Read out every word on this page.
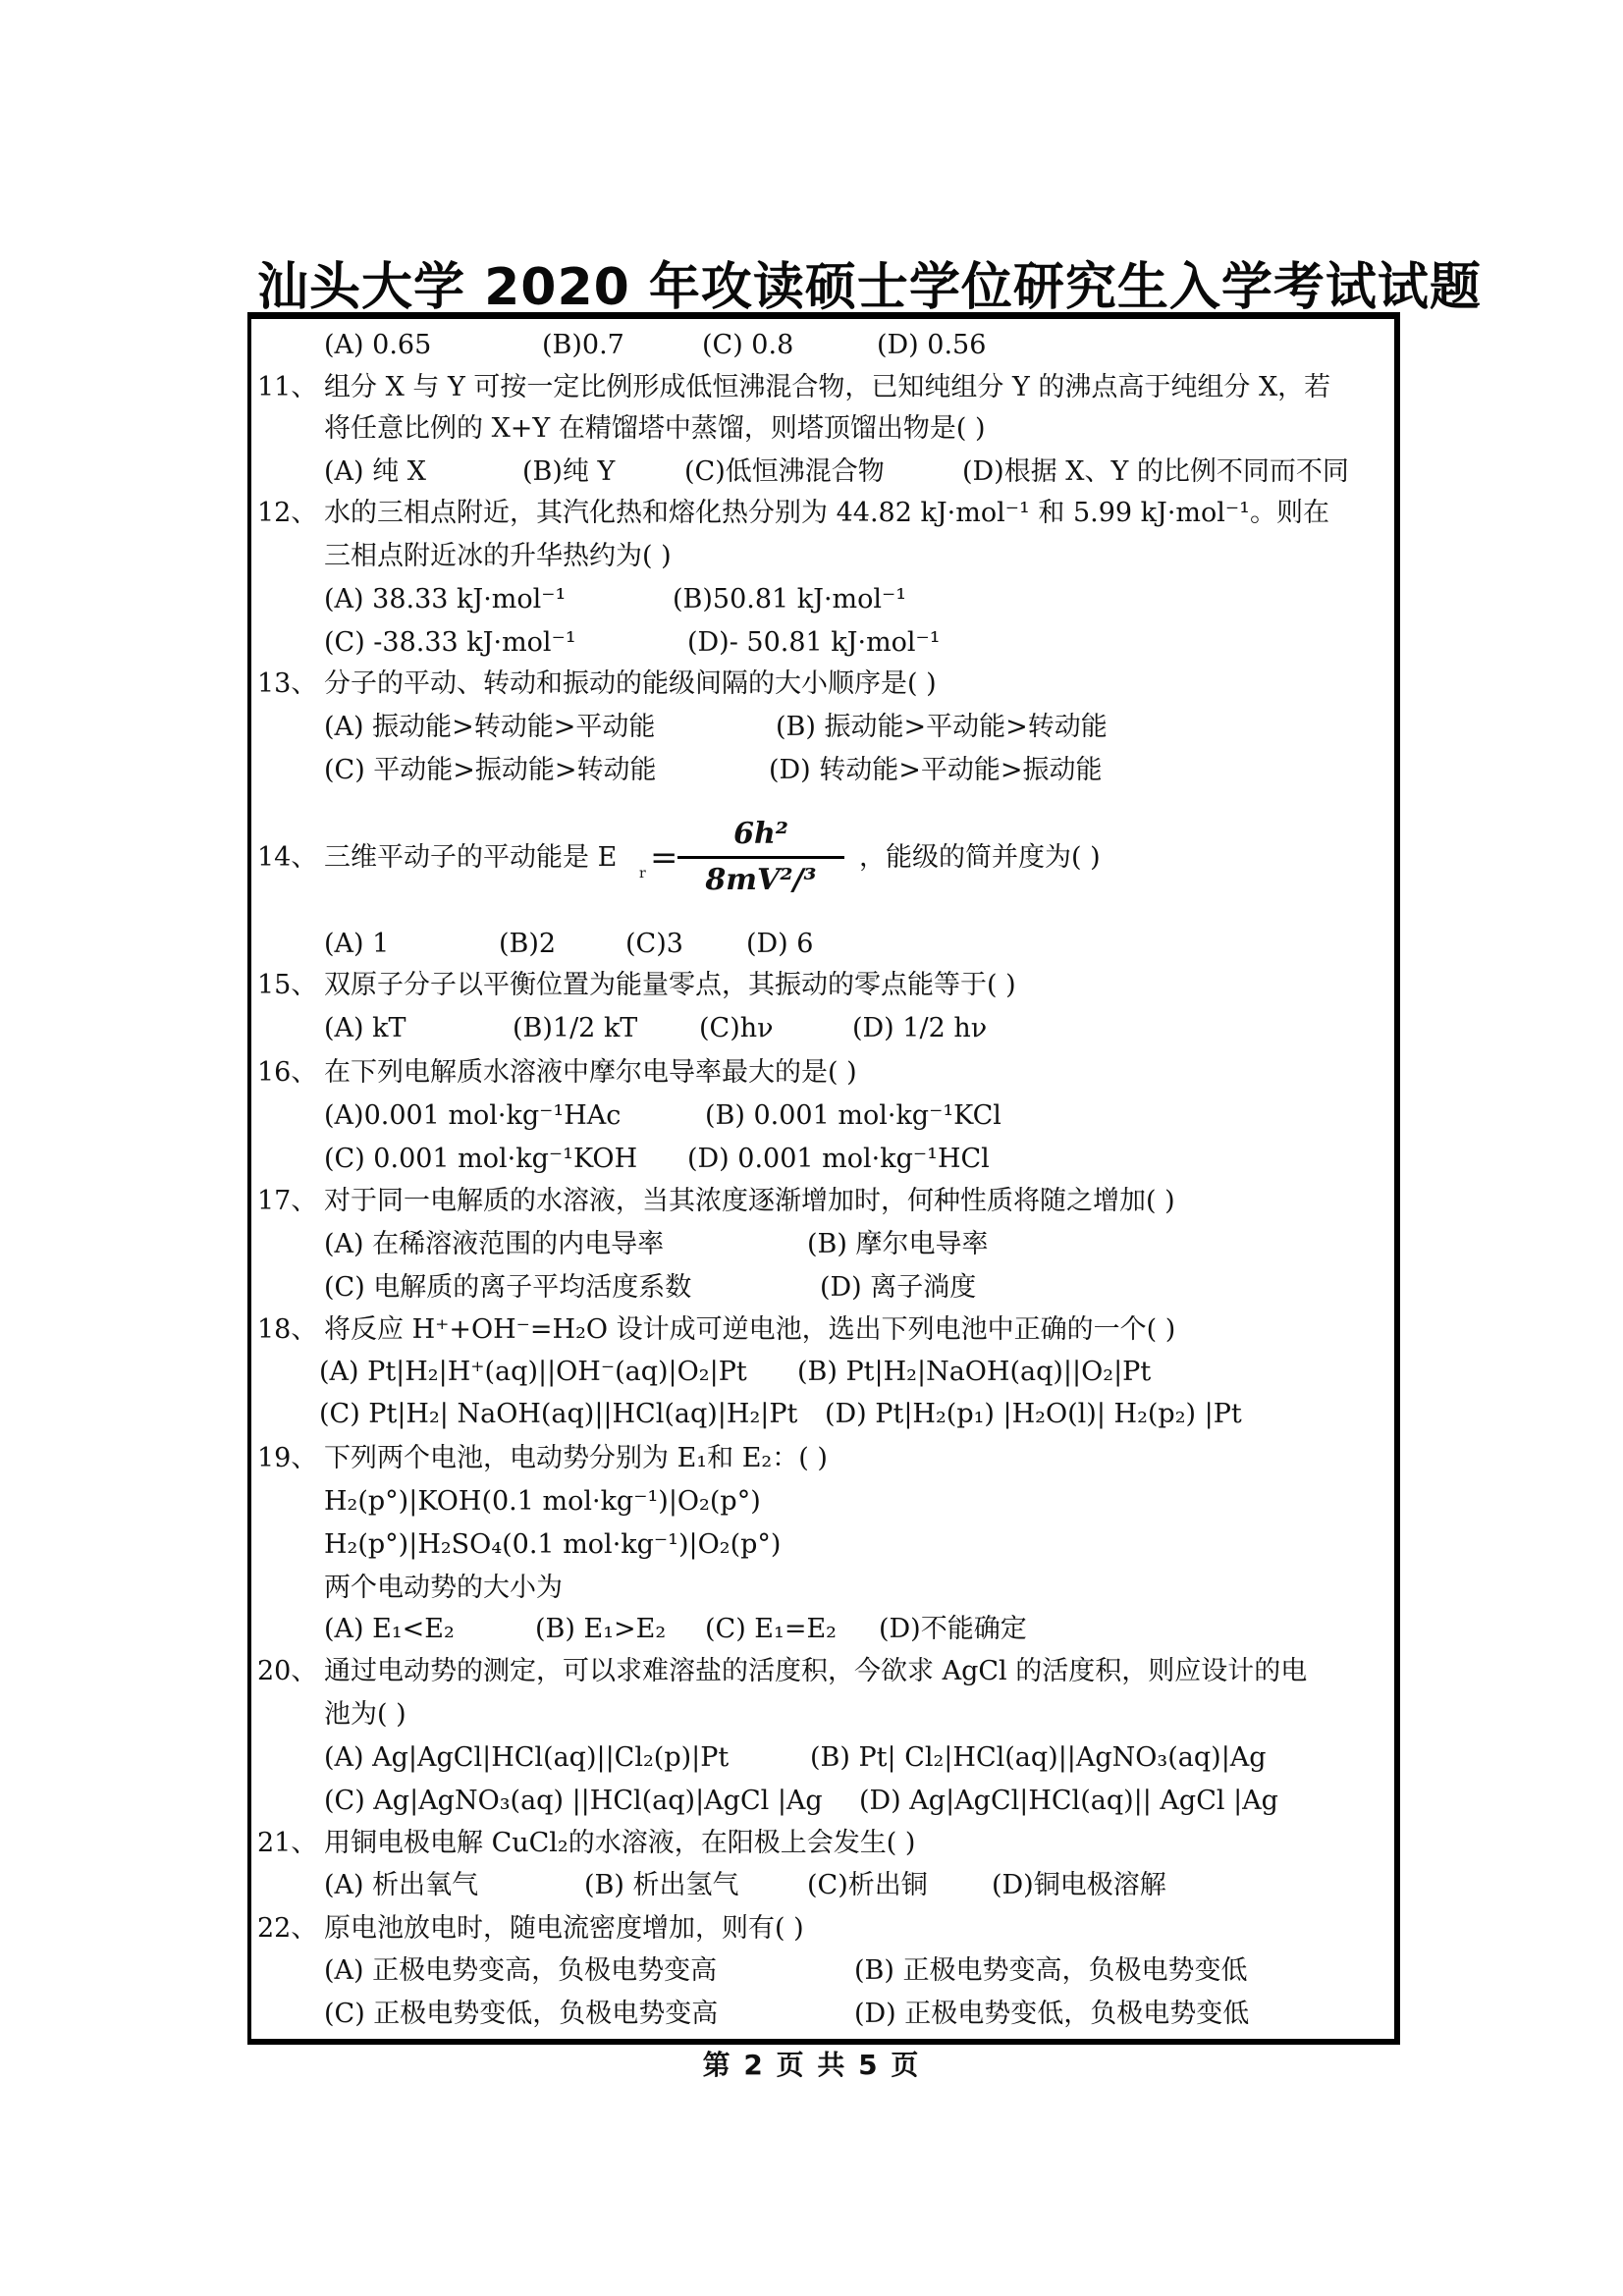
汕头大学 2020 年攻读硕士学位研究生入学考试试题
(A) 0.65	(B)0.7	(C) 0.8	(D) 0.56
11、 组分 X 与 Y 可按一定比例形成低恒沸混合物，已知纯组分 Y 的沸点高于纯组分 X，若
将任意比例的 X+Y 在精馏塔中蒸馏，则塔顶馏出物是( )
(A) 纯 X	(B)纯 Y	(C)低恒沸混合物	(D)根据 X、Y 的比例不同而不同
12、 水的三相点附近，其汽化热和熔化热分别为 44.82 kJ·mol⁻¹ 和 5.99 kJ·mol⁻¹。则在
三相点附近冰的升华热约为( )
(A) 38.33 kJ·mol⁻¹	(B)50.81 kJ·mol⁻¹
(C) -38.33 kJ·mol⁻¹	(D)- 50.81 kJ·mol⁻¹
13、 分子的平动、转动和振动的能级间隔的大小顺序是( )
(A) 振动能>转动能>平动能	(B) 振动能>平动能>转动能
(C) 平动能>振动能>转动能	(D) 转动能>平动能>振动能
14、 三维平动子的平动能是 E
r =
6h²
8mV²/³
，能级的简并度为( )
(A) 1	(B)2	(C)3 (D) 6
15、 双原子分子以平衡位置为能量零点，其振动的零点能等于( )
(A) kT	(B)1/2 kT (C)hν	(D) 1/2 hν
16、 在下列电解质水溶液中摩尔电导率最大的是( )
(A)0.001 mol·kg⁻¹HAc	(B) 0.001 mol·kg⁻¹KCl
(C) 0.001 mol·kg⁻¹KOH (D) 0.001 mol·kg⁻¹HCl
17、 对于同一电解质的水溶液，当其浓度逐渐增加时，何种性质将随之增加( )
(A) 在稀溶液范围的内电导率	(B) 摩尔电导率
(C) 电解质的离子平均活度系数	(D) 离子淌度
18、 将反应 H⁺+OH⁻=H₂O 设计成可逆电池，选出下列电池中正确的一个( )
(A) Pt|H₂|H⁺(aq)||OH⁻(aq)|O₂|Pt (B) Pt|H₂|NaOH(aq)||O₂|Pt
(C) Pt|H₂| NaOH(aq)||HCl(aq)|H₂|Pt (D) Pt|H₂(p₁) |H₂O(l)| H₂(p₂) |Pt
19、 下列两个电池，电动势分别为 E₁和 E₂：( )
H₂(p°)|KOH(0.1 mol·kg⁻¹)|O₂(p°)
H₂(p°)|H₂SO₄(0.1 mol·kg⁻¹)|O₂(p°)
两个电动势的大小为
(A) E₁<E₂	(B) E₁>E₂ (C) E₁=E₂ (D)不能确定
20、 通过电动势的测定，可以求难溶盐的活度积，今欲求 AgCl 的活度积，则应设计的电
池为( )
(A) Ag|AgCl|HCl(aq)||Cl₂(p)|Pt	(B) Pt| Cl₂|HCl(aq)||AgNO₃(aq)|Ag
(C) Ag|AgNO₃(aq) ||HCl(aq)|AgCl |Ag (D) Ag|AgCl|HCl(aq)|| AgCl |Ag
21、 用铜电极电解 CuCl₂的水溶液，在阳极上会发生( )
(A) 析出氧气	(B) 析出氢气	(C)析出铜 (D)铜电极溶解
22、 原电池放电时，随电流密度增加，则有( )
(A) 正极电势变高，负极电势变高	(B) 正极电势变高，负极电势变低
(C) 正极电势变低，负极电势变高	(D) 正极电势变低，负极电势变低
第 2 页 共 5 页
